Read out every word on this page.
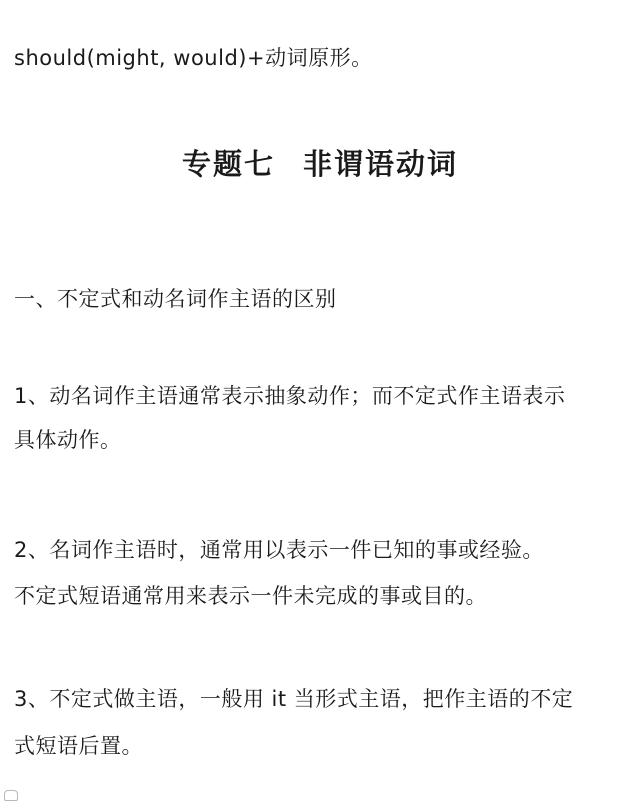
should(might, would)+动词原形。
专题七 非谓语动词
一、不定式和动名词作主语的区别
1、动名词作主语通常表示抽象动作；而不定式作主语表示
具体动作。
2、名词作主语时，通常用以表示一件已知的事或经验。
不定式短语通常用来表示一件未完成的事或目的。
3、不定式做主语，一般用 it 当形式主语，把作主语的不定
式短语后置。
